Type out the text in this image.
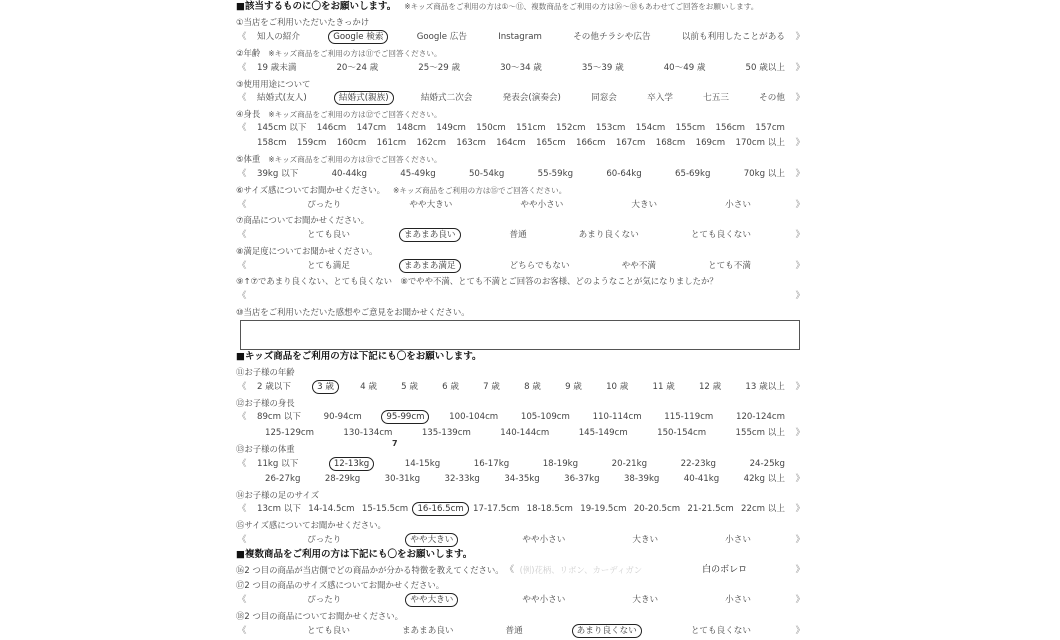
■該当するものに〇をお願いします。 ※キッズ商品をご利用の方は①～⑪、複数商品をご利用の方は⑯～⑱もあわせてご回答をお願いします。
①当店をご利用いただいたきっかけ
《	知人の紹介	Google 検索	Google 広告	Instagram	その他チラシや広告	以前も利用したことがある	》
②年齢 ※キッズ商品をご利用の方は⑪でご回答ください。
《	19 歳未満	20～24 歳	25～29 歳	30～34 歳	35～39 歳	40～49 歳	50 歳以上	》
③使用用途について
《	結婚式(友人)	結婚式(親族)	結婚式二次会	発表会(演奏会)	同窓会	卒入学	七五三	その他	》
④身長 ※キッズ商品をご利用の方は⑫でご回答ください。
《	145cm 以下	146cm	147cm	148cm	149cm	150cm	151cm	152cm	153cm	154cm	155cm	156cm	157cm
158cm	159cm	160cm	161cm	162cm	163cm	164cm	165cm	166cm	167cm	168cm	169cm	170cm 以上	》
⑤体重 ※キッズ商品をご利用の方は⑬でご回答ください。
《	39kg 以下	40-44kg	45-49kg	50-54kg	55-59kg	60-64kg	65-69kg	70kg 以上	》
⑥サイズ感についてお聞かせください。 ※キッズ商品をご利用の方は⑮でご回答ください。
《	ぴったり	やや大きい	やや小さい	大きい	小さい	》
⑦商品についてお聞かせください。
《	とても良い	まあまあ良い	普通	あまり良くない	とても良くない	》
⑧満足度についてお聞かせください。
《	とても満足	まあまあ満足	どちらでもない	やや不満	とても不満	》
⑨↑⑦であまり良くない、とても良くない　⑧でやや不満、とても不満とご回答のお客様、どのようなことが気になりましたか？
《	》
⑩当店をご利用いただいた感想やご意見をお聞かせください。
■キッズ商品をご利用の方は下記にも〇をお願いします。
⑪お子様の年齢
《	2 歳以下	3 歳	4 歳	5 歳	6 歳	7 歳	8 歳	9 歳	10 歳	11 歳	12 歳	13 歳以上	》
⑫お子様の身長
《	89cm 以下	90-94cm	95-99cm	100-104cm	105-109cm	110-114cm	115-119cm	120-124cm
125-129cm	130-134cm	135-139cm	140-144cm	145-149cm	150-154cm	155cm 以上	》
⑬お子様の体重
7
《	11kg 以下	12-13kg	14-15kg	16-17kg	18-19kg	20-21kg	22-23kg	24-25kg
26-27kg	28-29kg	30-31kg	32-33kg	34-35kg	36-37kg	38-39kg	40-41kg	42kg 以上	》
⑭お子様の足のサイズ
《	13cm 以下 14-14.5cm 15-15.5cm	16-16.5cm	17-17.5cm 18-18.5cm 19-19.5cm 20-20.5cm 21-21.5cm 22cm 以上	》
⑮サイズ感についてお聞かせください。
《	ぴったり	やや大きい	やや小さい	大きい	小さい	》
■複数商品をご利用の方は下記にも〇をお願いします。
⑯2 つ目の商品が当店側でどの商品かが分かる特徴を教えてください。 《 (例)花柄、リボン、カーディガン	白のボレロ	》
⑰2 つ目の商品のサイズ感についてお聞かせください。
《	ぴったり	やや大きい	やや小さい	大きい	小さい	》
⑱2 つ目の商品についてお聞かせください。
《	とても良い	まあまあ良い	普通	あまり良くない	とても良くない	》
